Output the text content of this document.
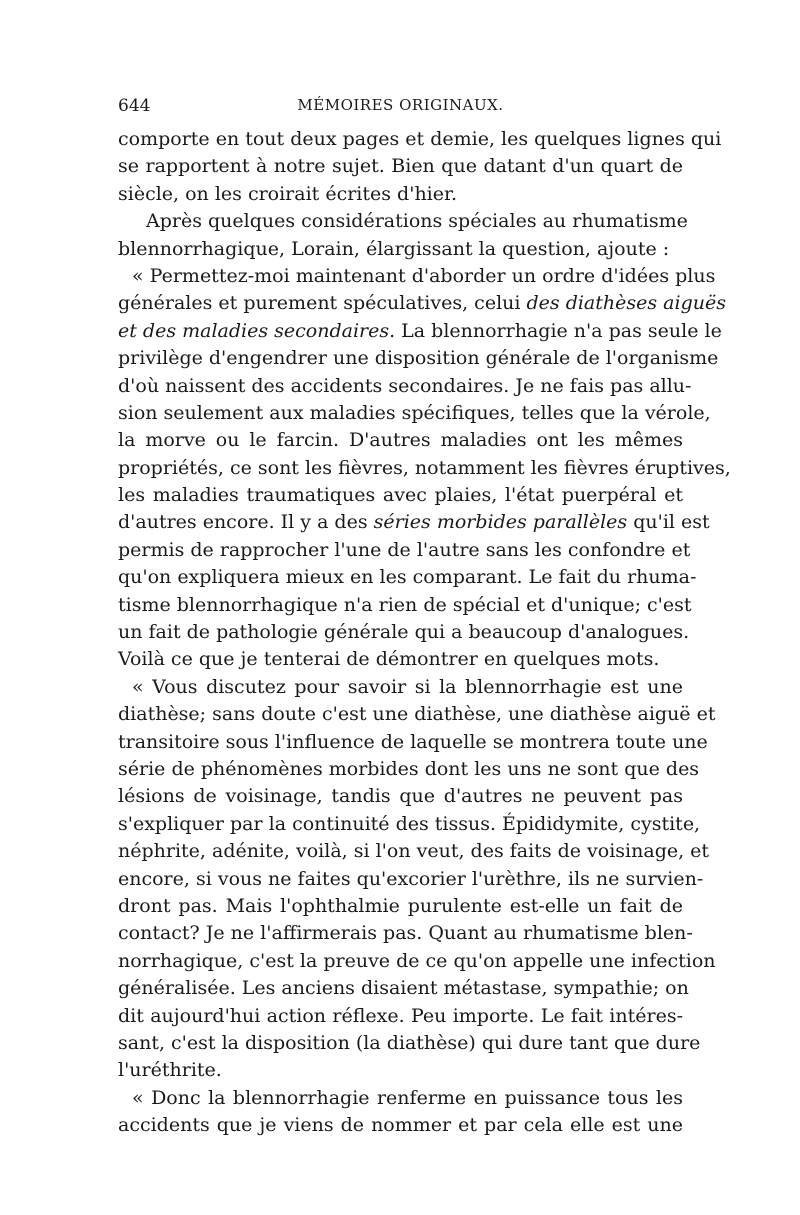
644	MÉMOIRES ORIGINAUX.
comporte en tout deux pages et demie, les quelques lignes qui
se rapportent à notre sujet. Bien que datant d'un quart de
siècle, on les croirait écrites d'hier.
Après quelques considérations spéciales au rhumatisme
blennorrhagique, Lorain, élargissant la question, ajoute :
« Permettez-moi maintenant d'aborder un ordre d'idées plus
générales et purement spéculatives, celui des diathèses aiguës
et des maladies secondaires. La blennorrhagie n'a pas seule le
privilège d'engendrer une disposition générale de l'organisme
d'où naissent des accidents secondaires. Je ne fais pas allu-
sion seulement aux maladies spécifiques, telles que la vérole,
la morve ou le farcin. D'autres maladies ont les mêmes
propriétés, ce sont les fièvres, notamment les fièvres éruptives,
les maladies traumatiques avec plaies, l'état puerpéral et
d'autres encore. Il y a des séries morbides parallèles qu'il est
permis de rapprocher l'une de l'autre sans les confondre et
qu'on expliquera mieux en les comparant. Le fait du rhuma-
tisme blennorrhagique n'a rien de spécial et d'unique; c'est
un fait de pathologie générale qui a beaucoup d'analogues.
Voilà ce que je tenterai de démontrer en quelques mots.
« Vous discutez pour savoir si la blennorrhagie est une
diathèse; sans doute c'est une diathèse, une diathèse aiguë et
transitoire sous l'influence de laquelle se montrera toute une
série de phénomènes morbides dont les uns ne sont que des
lésions de voisinage, tandis que d'autres ne peuvent pas
s'expliquer par la continuité des tissus. Épididymite, cystite,
néphrite, adénite, voilà, si l'on veut, des faits de voisinage, et
encore, si vous ne faites qu'excorier l'urèthre, ils ne survien-
dront pas. Mais l'ophthalmie purulente est-elle un fait de
contact? Je ne l'affirmerais pas. Quant au rhumatisme blen-
norrhagique, c'est la preuve de ce qu'on appelle une infection
généralisée. Les anciens disaient métastase, sympathie; on
dit aujourd'hui action réflexe. Peu importe. Le fait intéres-
sant, c'est la disposition (la diathèse) qui dure tant que dure
l'uréthrite.
« Donc la blennorrhagie renferme en puissance tous les
accidents que je viens de nommer et par cela elle est une
